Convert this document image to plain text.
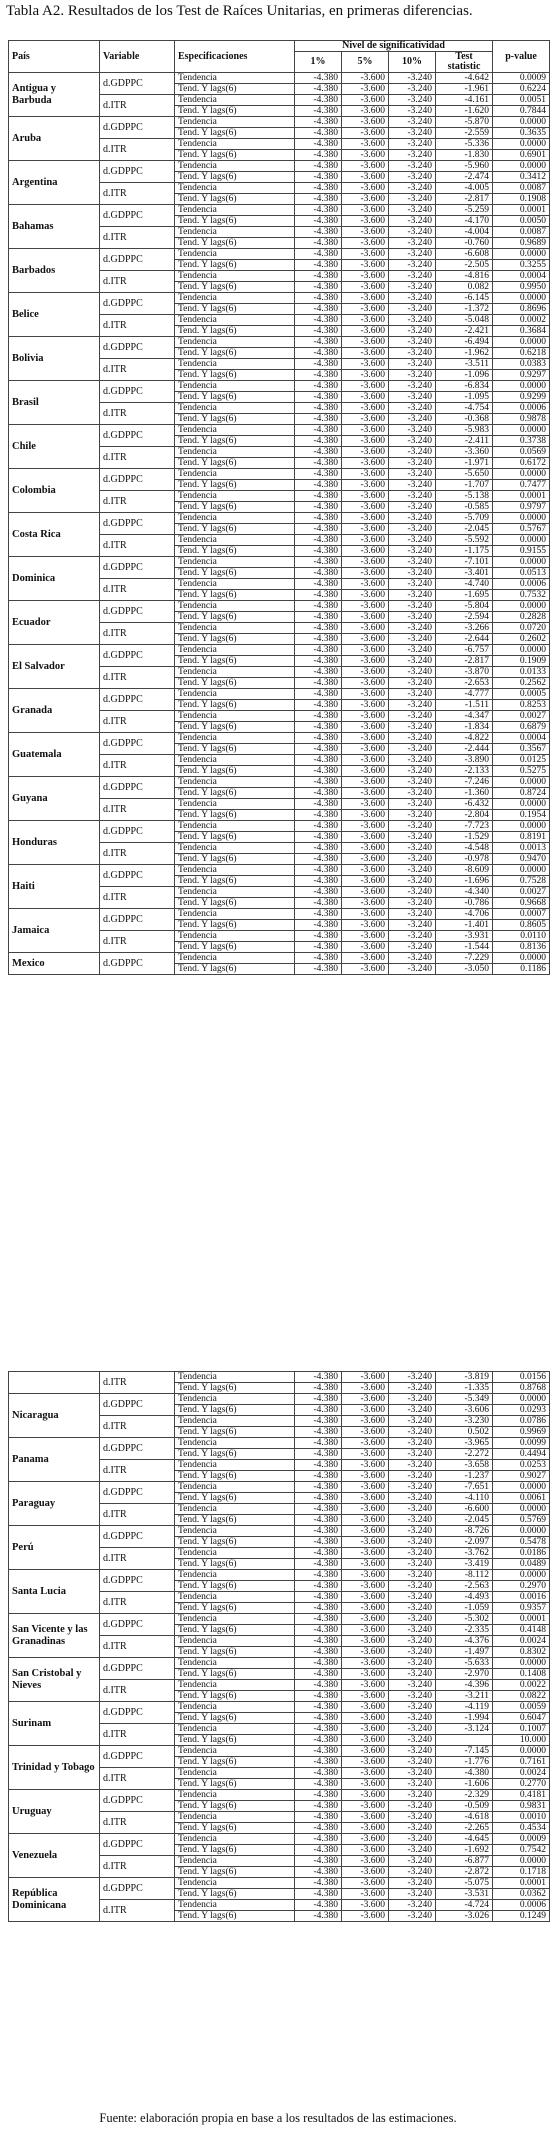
Tabla A2. Resultados de los Test de Raíces Unitarias, en primeras diferencias.
País	Variable	Especificaciones	Nivel de significatividad				p-value
			1%	5%	10%	Test statistic	
Antigua y Barbuda	d.GDPPC	Tendencia	-4.380	-3.600	-3.240	-4.642	0.0009
		Tend. Y lags(6)	-4.380	-3.600	-3.240	-1.961	0.6224
	d.ITR	Tendencia	-4.380	-3.600	-3.240	-4.161	0.0051
		Tend. Y lags(6)	-4.380	-3.600	-3.240	-1.620	0.7844
Aruba	d.GDPPC	Tendencia	-4.380	-3.600	-3.240	-5.870	0.0000
		Tend. Y lags(6)	-4.380	-3.600	-3.240	-2.559	0.3635
	d.ITR	Tendencia	-4.380	-3.600	-3.240	-5.336	0.0000
		Tend. Y lags(6)	-4.380	-3.600	-3.240	-1.830	0.6901
Argentina	d.GDPPC	Tendencia	-4.380	-3.600	-3.240	-5.960	0.0000
		Tend. Y lags(6)	-4.380	-3.600	-3.240	-2.474	0.3412
	d.ITR	Tendencia	-4.380	-3.600	-3.240	-4.005	0.0087
		Tend. Y lags(6)	-4.380	-3.600	-3.240	-2.817	0.1908
Bahamas	d.GDPPC	Tendencia	-4.380	-3.600	-3.240	-5.259	0.0001
		Tend. Y lags(6)	-4.380	-3.600	-3.240	-4.170	0.0050
	d.ITR	Tendencia	-4.380	-3.600	-3.240	-4.004	0.0087
		Tend. Y lags(6)	-4.380	-3.600	-3.240	-0.760	0.9689
Barbados	d.GDPPC	Tendencia	-4.380	-3.600	-3.240	-6.608	0.0000
		Tend. Y lags(6)	-4.380	-3.600	-3.240	-2.505	0.3255
	d.ITR	Tendencia	-4.380	-3.600	-3.240	-4.816	0.0004
		Tend. Y lags(6)	-4.380	-3.600	-3.240	0.082	0.9950
Belice	d.GDPPC	Tendencia	-4.380	-3.600	-3.240	-6.145	0.0000
		Tend. Y lags(6)	-4.380	-3.600	-3.240	-1.372	0.8696
	d.ITR	Tendencia	-4.380	-3.600	-3.240	-5.048	0.0002
		Tend. Y lags(6)	-4.380	-3.600	-3.240	-2.421	0.3684
Bolivia	d.GDPPC	Tendencia	-4.380	-3.600	-3.240	-6.494	0.0000
		Tend. Y lags(6)	-4.380	-3.600	-3.240	-1.962	0.6218
	d.ITR	Tendencia	-4.380	-3.600	-3.240	-3.511	0.0383
		Tend. Y lags(6)	-4.380	-3.600	-3.240	-1.096	0.9297
Brasil	d.GDPPC	Tendencia	-4.380	-3.600	-3.240	-6.834	0.0000
		Tend. Y lags(6)	-4.380	-3.600	-3.240	-1.095	0.9299
	d.ITR	Tendencia	-4.380	-3.600	-3.240	-4.754	0.0006
		Tend. Y lags(6)	-4.380	-3.600	-3.240	-0.368	0.9878
Chile	d.GDPPC	Tendencia	-4.380	-3.600	-3.240	-5.983	0.0000
		Tend. Y lags(6)	-4.380	-3.600	-3.240	-2.411	0.3738
	d.ITR	Tendencia	-4.380	-3.600	-3.240	-3.360	0.0569
		Tend. Y lags(6)	-4.380	-3.600	-3.240	-1.971	0.6172
Colombia	d.GDPPC	Tendencia	-4.380	-3.600	-3.240	-5.650	0.0000
		Tend. Y lags(6)	-4.380	-3.600	-3.240	-1.707	0.7477
	d.ITR	Tendencia	-4.380	-3.600	-3.240	-5.138	0.0001
		Tend. Y lags(6)	-4.380	-3.600	-3.240	-0.585	0.9797
Costa Rica	d.GDPPC	Tendencia	-4.380	-3.600	-3.240	-5.709	0.0000
		Tend. Y lags(6)	-4.380	-3.600	-3.240	-2.045	0.5767
	d.ITR	Tendencia	-4.380	-3.600	-3.240	-5.592	0.0000
		Tend. Y lags(6)	-4.380	-3.600	-3.240	-1.175	0.9155
Dominica	d.GDPPC	Tendencia	-4.380	-3.600	-3.240	-7.101	0.0000
		Tend. Y lags(6)	-4.380	-3.600	-3.240	-3.401	0.0513
	d.ITR	Tendencia	-4.380	-3.600	-3.240	-4.740	0.0006
		Tend. Y lags(6)	-4.380	-3.600	-3.240	-1.695	0.7532
Ecuador	d.GDPPC	Tendencia	-4.380	-3.600	-3.240	-5.804	0.0000
		Tend. Y lags(6)	-4.380	-3.600	-3.240	-2.594	0.2828
	d.ITR	Tendencia	-4.380	-3.600	-3.240	-3.266	0.0720
		Tend. Y lags(6)	-4.380	-3.600	-3.240	-2.644	0.2602
El Salvador	d.GDPPC	Tendencia	-4.380	-3.600	-3.240	-6.757	0.0000
		Tend. Y lags(6)	-4.380	-3.600	-3.240	-2.817	0.1909
	d.ITR	Tendencia	-4.380	-3.600	-3.240	-3.870	0.0133
		Tend. Y lags(6)	-4.380	-3.600	-3.240	-2.653	0.2562
Granada	d.GDPPC	Tendencia	-4.380	-3.600	-3.240	-4.777	0.0005
		Tend. Y lags(6)	-4.380	-3.600	-3.240	-1.511	0.8253
	d.ITR	Tendencia	-4.380	-3.600	-3.240	-4.347	0.0027
		Tend. Y lags(6)	-4.380	-3.600	-3.240	-1.834	0.6879
Guatemala	d.GDPPC	Tendencia	-4.380	-3.600	-3.240	-4.822	0.0004
		Tend. Y lags(6)	-4.380	-3.600	-3.240	-2.444	0.3567
	d.ITR	Tendencia	-4.380	-3.600	-3.240	-3.890	0.0125
		Tend. Y lags(6)	-4.380	-3.600	-3.240	-2.133	0.5275
Guyana	d.GDPPC	Tendencia	-4.380	-3.600	-3.240	-7.246	0.0000
		Tend. Y lags(6)	-4.380	-3.600	-3.240	-1.360	0.8724
	d.ITR	Tendencia	-4.380	-3.600	-3.240	-6.432	0.0000
		Tend. Y lags(6)	-4.380	-3.600	-3.240	-2.804	0.1954
Honduras	d.GDPPC	Tendencia	-4.380	-3.600	-3.240	-7.723	0.0000
		Tend. Y lags(6)	-4.380	-3.600	-3.240	-1.529	0.8191
	d.ITR	Tendencia	-4.380	-3.600	-3.240	-4.548	0.0013
		Tend. Y lags(6)	-4.380	-3.600	-3.240	-0.978	0.9470
Haiti	d.GDPPC	Tendencia	-4.380	-3.600	-3.240	-8.609	0.0000
		Tend. Y lags(6)	-4.380	-3.600	-3.240	-1.696	0.7528
	d.ITR	Tendencia	-4.380	-3.600	-3.240	-4.340	0.0027
		Tend. Y lags(6)	-4.380	-3.600	-3.240	-0.786	0.9668
Jamaica	d.GDPPC	Tendencia	-4.380	-3.600	-3.240	-4.706	0.0007
		Tend. Y lags(6)	-4.380	-3.600	-3.240	-1.401	0.8605
	d.ITR	Tendencia	-4.380	-3.600	-3.240	-3.931	0.0110
		Tend. Y lags(6)	-4.380	-3.600	-3.240	-1.544	0.8136
Mexico	d.GDPPC	Tendencia	-4.380	-3.600	-3.240	-7.229	0.0000
		Tend. Y lags(6)	-4.380	-3.600	-3.240	-3.050	0.1186
	d.ITR	Tendencia	-4.380	-3.600	-3.240	-3.819	0.0156
		Tend. Y lags(6)	-4.380	-3.600	-3.240	-1.335	0.8768
Nicaragua	d.GDPPC	Tendencia	-4.380	-3.600	-3.240	-5.349	0.0000
		Tend. Y lags(6)	-4.380	-3.600	-3.240	-3.606	0.0293
	d.ITR	Tendencia	-4.380	-3.600	-3.240	-3.230	0.0786
		Tend. Y lags(6)	-4.380	-3.600	-3.240	0.502	0.9969
Panama	d.GDPPC	Tendencia	-4.380	-3.600	-3.240	-3.965	0.0099
		Tend. Y lags(6)	-4.380	-3.600	-3.240	-2.272	0.4494
	d.ITR	Tendencia	-4.380	-3.600	-3.240	-3.658	0.0253
		Tend. Y lags(6)	-4.380	-3.600	-3.240	-1.237	0.9027
Paraguay	d.GDPPC	Tendencia	-4.380	-3.600	-3.240	-7.651	0.0000
		Tend. Y lags(6)	-4.380	-3.600	-3.240	-4.110	0.0061
	d.ITR	Tendencia	-4.380	-3.600	-3.240	-6.600	0.0000
		Tend. Y lags(6)	-4.380	-3.600	-3.240	-2.045	0.5769
Perú	d.GDPPC	Tendencia	-4.380	-3.600	-3.240	-8.726	0.0000
		Tend. Y lags(6)	-4.380	-3.600	-3.240	-2.097	0.5478
	d.ITR	Tendencia	-4.380	-3.600	-3.240	-3.762	0.0186
		Tend. Y lags(6)	-4.380	-3.600	-3.240	-3.419	0.0489
Santa Lucia	d.GDPPC	Tendencia	-4.380	-3.600	-3.240	-8.112	0.0000
		Tend. Y lags(6)	-4.380	-3.600	-3.240	-2.563	0.2970
	d.ITR	Tendencia	-4.380	-3.600	-3.240	-4.493	0.0016
		Tend. Y lags(6)	-4.380	-3.600	-3.240	-1.059	0.9357
San Vicente y las Granadinas	d.GDPPC	Tendencia	-4.380	-3.600	-3.240	-5.302	0.0001
		Tend. Y lags(6)	-4.380	-3.600	-3.240	-2.335	0.4148
	d.ITR	Tendencia	-4.380	-3.600	-3.240	-4.376	0.0024
		Tend. Y lags(6)	-4.380	-3.600	-3.240	-1.497	0.8302
San Cristobal y Nieves	d.GDPPC	Tendencia	-4.380	-3.600	-3.240	-5.633	0.0000
		Tend. Y lags(6)	-4.380	-3.600	-3.240	-2.970	0.1408
	d.ITR	Tendencia	-4.380	-3.600	-3.240	-4.396	0.0022
		Tend. Y lags(6)	-4.380	-3.600	-3.240	-3.211	0.0822
Surinam	d.GDPPC	Tendencia	-4.380	-3.600	-3.240	-4.119	0.0059
		Tend. Y lags(6)	-4.380	-3.600	-3.240	-1.994	0.6047
	d.ITR	Tendencia	-4.380	-3.600	-3.240	-3.124	0.1007
		Tend. Y lags(6)	-4.380	-3.600	-3.240		10.000
Trinidad y Tobago	d.GDPPC	Tendencia	-4.380	-3.600	-3.240	-7.145	0.0000
		Tend. Y lags(6)	-4.380	-3.600	-3.240	-1.776	0.7161
	d.ITR	Tendencia	-4.380	-3.600	-3.240	-4.380	0.0024
		Tend. Y lags(6)	-4.380	-3.600	-3.240	-1.606	0.2770
Uruguay	d.GDPPC	Tendencia	-4.380	-3.600	-3.240	-2.329	0.4181
		Tend. Y lags(6)	-4.380	-3.600	-3.240	-0.509	0.9831
	d.ITR	Tendencia	-4.380	-3.600	-3.240	-4.618	0.0010
		Tend. Y lags(6)	-4.380	-3.600	-3.240	-2.265	0.4534
Venezuela	d.GDPPC	Tendencia	-4.380	-3.600	-3.240	-4.645	0.0009
		Tend. Y lags(6)	-4.380	-3.600	-3.240	-1.692	0.7542
	d.ITR	Tendencia	-4.380	-3.600	-3.240	-6.877	0.0000
		Tend. Y lags(6)	-4.380	-3.600	-3.240	-2.872	0.1718
República Dominicana	d.GDPPC	Tendencia	-4.380	-3.600	-3.240	-5.075	0.0001
		Tend. Y lags(6)	-4.380	-3.600	-3.240	-3.531	0.0362
	d.ITR	Tendencia	-4.380	-3.600	-3.240	-4.724	0.0006
		Tend. Y lags(6)	-4.380	-3.600	-3.240	-3.026	0.1249
Fuente: elaboración propia en base a los resultados de las estimaciones.
